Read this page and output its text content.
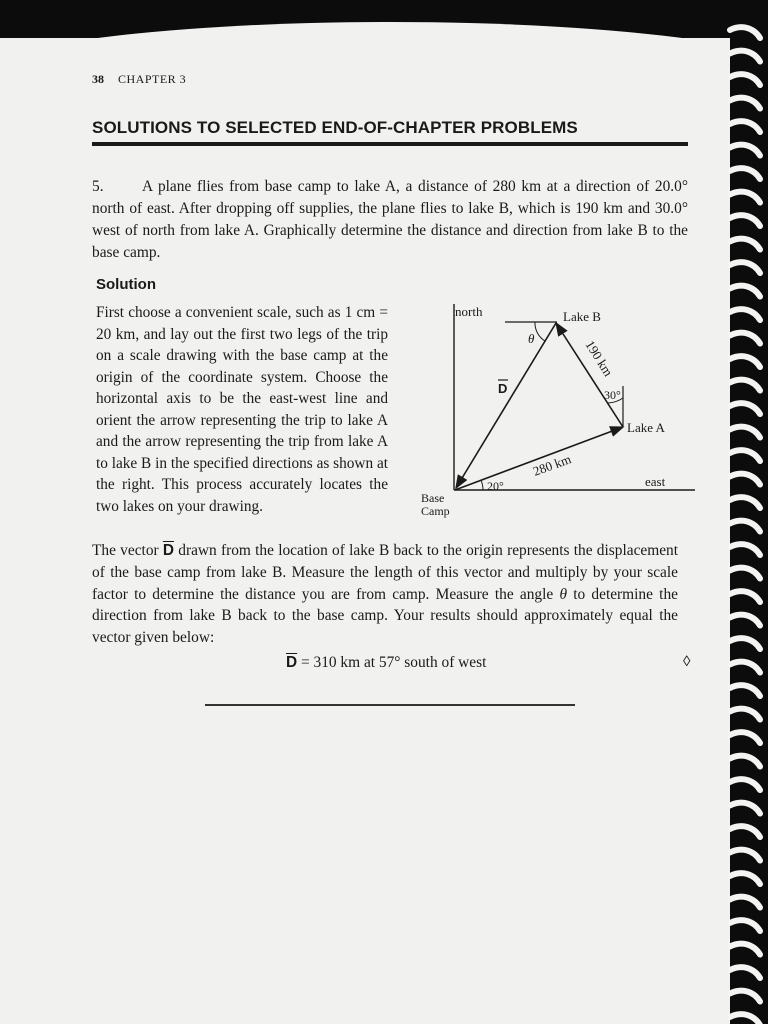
38 CHAPTER 3
SOLUTIONS TO SELECTED END-OF-CHAPTER PROBLEMS
5. A plane flies from base camp to lake A, a distance of 280 km at a direction of 20.0° north of east. After dropping off supplies, the plane flies to lake B, which is 190 km and 30.0° west of north from lake A. Graphically determine the distance and direction from lake B to the base camp.
Solution
First choose a convenient scale, such as 1 cm = 20 km, and lay out the first two legs of the trip on a scale drawing with the base camp at the origin of the coordinate system. Choose the horizontal axis to be the east-west line and orient the arrow representing the trip to lake A and the arrow representing the trip from lake A to lake B in the specified directions as shown at the right. This process accurately locates the two lakes on your drawing.
north
east
Lake B
Lake A
Base
Camp
D
θ
20°
30°
280 km
190 km
The vector $\overline{D}$ drawn from the location of lake B back to the origin represents the displacement of the base camp from lake B. Measure the length of this vector and multiply by your scale factor to determine the distance you are from camp. Measure the angle θ to determine the direction from lake B back to the base camp. Your results should approximately equal the vector given below:
$\overline{D} = 310$ km at 57° south of west	◊
